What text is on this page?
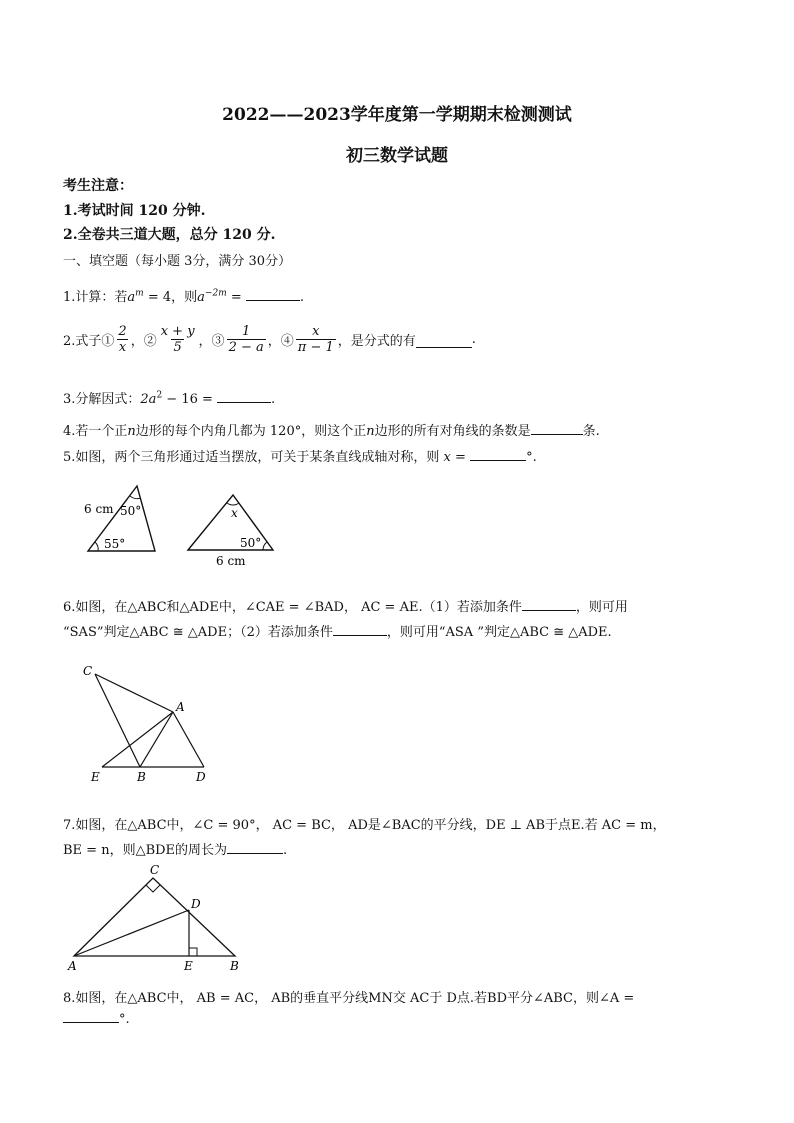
2022——2023学年度第一学期期末检测测试
初三数学试题
考生注意：
1.考试时间 120 分钟.
2.全卷共三道大题，总分 120 分.
一、填空题（每小题 3分，满分 30分）
1.计算：若$a^m = 4$，则$a^{-2m}$ =	.
2.式子① $\frac{2}{x}$ ，② $\frac{x + y}{5}$ ，③ $\frac{1}{2 - a}$ ，④ $\frac{x}{\pi - 1}$ ，是分式的有	.
3.分解因式：$2a^2 - 16$ =	.
4.若一个正n边形的每个内角几都为 120°，则这个正n边形的所有对角线的条数是	条.
5.如图，两个三角形通过适当摆放，可关于某条直线成轴对称，则 x =	°.
6 cm 50°
55°
x
50°
6 cm
6.如图，在△ABC和△ADE中，∠CAE = ∠BAD， AC = AE.（1）若添加条件	，则可用
“SAS”判定△ABC ≅ △ADE；（2）若添加条件	，则可用“ASA ”判定△ABC ≅ △ADE.
C
A
E	B	D
7.如图，在△ABC中，∠C = 90°， AC = BC， AD是∠BAC的平分线，DE ⊥ AB于点E.若 AC = m，
BE = n，则△BDE的周长为	.
C
D
A	E	B
8.如图，在△ABC中， AB = AC， AB的垂直平分线MN交 AC于 D点.若BD平分∠ABC，则∠A =
°.
